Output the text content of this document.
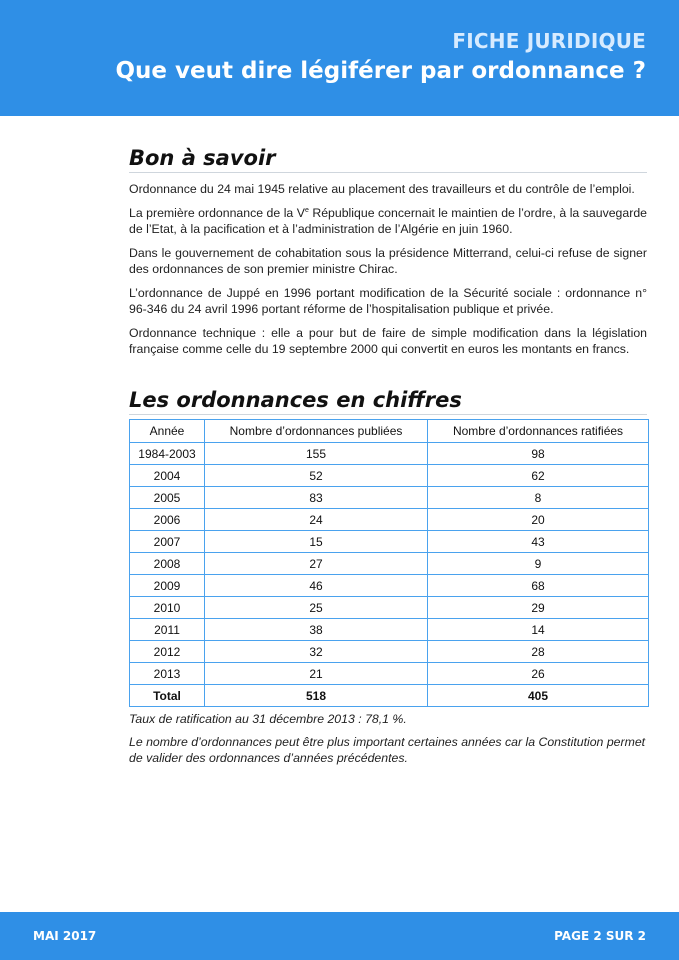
FICHE JURIDIQUE

Que veut dire légiférer par ordonnance ?
Bon à savoir

Ordonnance du 24 mai 1945 relative au placement des travailleurs et du contrôle de l’emploi.

La première ordonnance de la Ve République concernait le maintien de l’ordre, à la sauvegarde de l’Etat, à la pacification et à l’administration de l’Algérie en juin 1960.

Dans le gouvernement de cohabitation sous la présidence Mitterrand, celui-ci refuse de signer des ordonnances de son premier ministre Chirac.

L’ordonnance de Juppé en 1996 portant modification de la Sécurité sociale : ordonnance n° 96-346 du 24 avril 1996 portant réforme de l’hospitalisation publique et privée.

Ordonnance technique : elle a pour but de faire de simple modification dans la législation française comme celle du 19 septembre 2000 qui convertit en euros les montants en francs.

Les ordonnances en chiffres
Année	Nombre d’ordonnances publiées	Nombre d’ordonnances ratifiées
1984-2003	155	98
2004	52	62
2005	83	8
2006	24	20
2007	15	43
2008	27	9
2009	46	68
2010	25	29
2011	38	14
2012	32	28
2013	21	26
Total	518	405

Taux de ratification au 31 décembre 2013 : 78,1 %.

Le nombre d’ordonnances peut être plus important certaines années car la Constitution permet de valider des ordonnances d’années précédentes.

MAI 2017	PAGE 2 SUR 2
